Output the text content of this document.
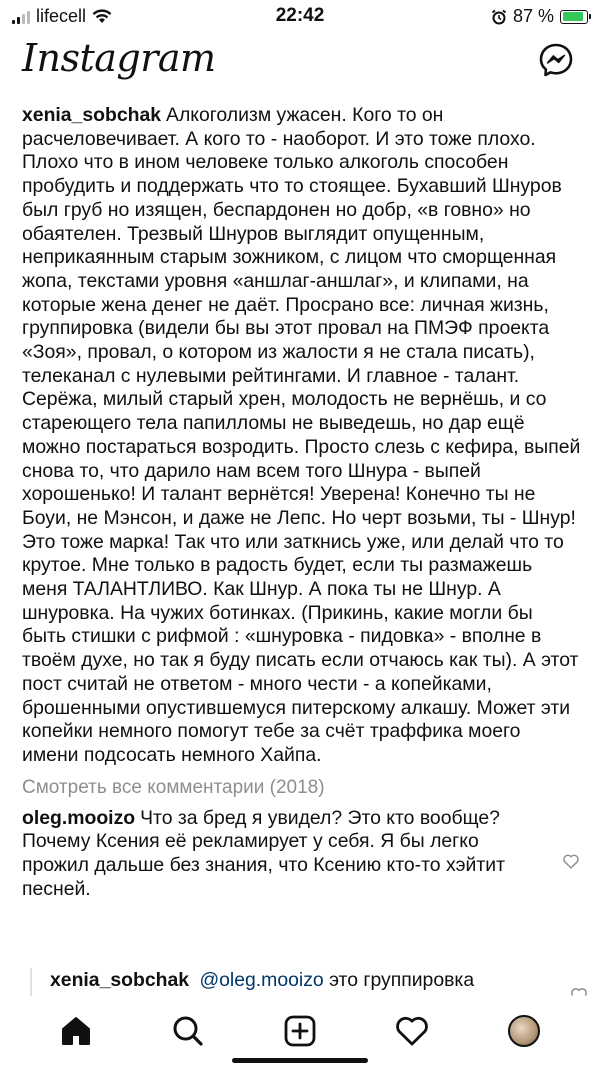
lifecell	22:42	87 %
Instagram

xenia_sobchak Алкоголизм ужасен. Кого то он расчеловечивает. А кого то - наоборот. И это тоже плохо. Плохо что в ином человеке только алкоголь способен пробудить и поддержать что то стоящее. Бухавший Шнуров был груб но изящен, беспардонен но добр, «в говно» но обаятелен. Трезвый Шнуров выглядит опущенным, неприкаянным старым зожником, с лицом что сморщенная жопа, текстами уровня «аншлаг-аншлаг», и клипами, на которые жена денег не даёт. Просрано все: личная жизнь, группировка (видели бы вы этот провал на ПМЭФ проекта «Зоя», провал, о котором из жалости я не стала писать), телеканал с нулевыми рейтингами. И главное - талант. Серёжа, милый старый хрен, молодость не вернёшь, и со стареющего тела папилломы не выведешь, но дар ещё можно постараться возродить. Просто слезь с кефира, выпей снова то, что дарило нам всем того Шнура - выпей хорошенько! И талант вернётся! Уверена! Конечно ты не Боуи, не Мэнсон, и даже не Лепс. Но черт возьми, ты - Шнур! Это тоже марка! Так что или заткнись уже, или делай что то крутое. Мне только в радость будет, если ты размажешь меня ТАЛАНТЛИВО. Как Шнур. А пока ты не Шнур. А шнуровка. На чужих ботинках. (Прикинь, какие могли бы быть стишки с рифмой : «шнуровка - пидовка» - вполне в твоём духе, но так я буду писать если отчаюсь как ты). А этот пост считай не ответом - много чести - а копейками, брошенными опустившемуся питерскому алкашу. Может эти копейки немного помогут тебе за счёт траффика моего имени подсосать немного Хайпа.

Смотреть все комментарии (2018)
oleg.mooizo Что за бред я увидел? Это кто вообще? Почему Ксения её рекламирует у себя. Я бы легко прожил дальше без знания, что Ксению кто-то хэйтит песней.
xenia_sobchak @oleg.mooizo это группировка
